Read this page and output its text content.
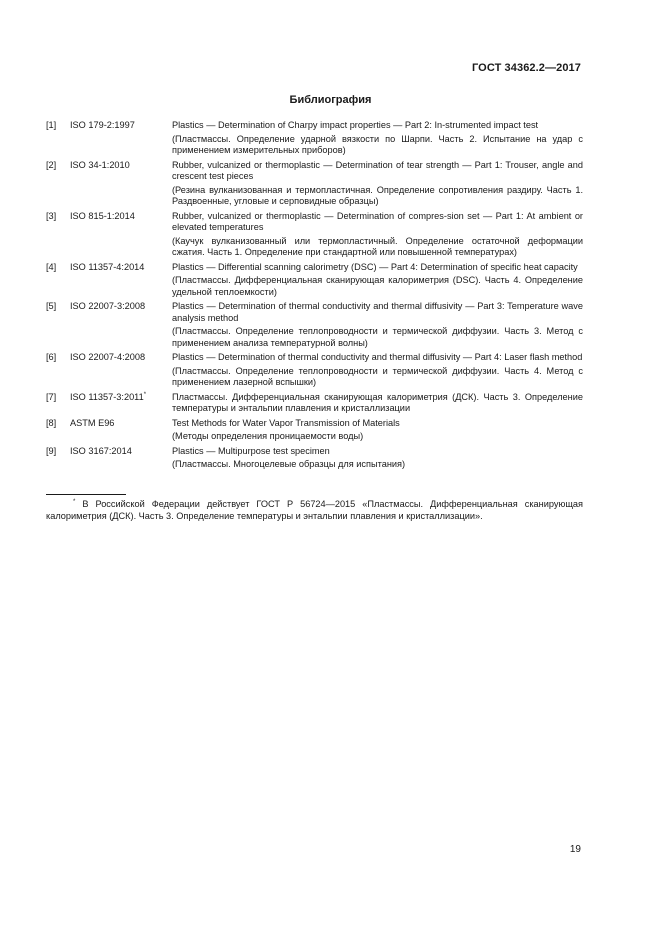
ГОСТ 34362.2—2017
Библиография
[1]	ISO 179-2:1997	Plastics — Determination of Charpy impact properties — Part 2: In-strumented impact test
(Пластмассы. Определение ударной вязкости по Шарпи. Часть 2. Испытание на удар с применением измерительных приборов)
[2]	ISO 34-1:2010	Rubber, vulcanized or thermoplastic — Determination of tear strength — Part 1: Trouser, angle and crescent test pieces
(Резина вулканизованная и термопластичная. Определение сопротивления раздиру. Часть 1. Раздвоенные, угловые и серповидные образцы)
[3]	ISO 815-1:2014	Rubber, vulcanized or thermoplastic — Determination of compres-sion set — Part 1: At ambient or elevated temperatures
(Каучук вулканизованный или термопластичный. Определение остаточной деформации сжатия. Часть 1. Определение при стандартной или повышенной температурах)
[4]	ISO 11357-4:2014	Plastics — Differential scanning calorimetry (DSC) — Part 4: Determination of specific heat capacity
(Пластмассы. Дифференциальная сканирующая калориметрия (DSC). Часть 4. Определение удельной теплоемкости)
[5]	ISO 22007-3:2008	Plastics — Determination of thermal conductivity and thermal diffusivity — Part 3: Temperature wave analysis method
(Пластмассы. Определение теплопроводности и термической диффузии. Часть 3. Метод с применением анализа температурной волны)
[6]	ISO 22007-4:2008	Plastics — Determination of thermal conductivity and thermal diffusivity — Part 4: Laser flash method
(Пластмассы. Определение теплопроводности и термической диффузии. Часть 4. Метод с применением лазерной вспышки)
[7]	ISO 11357-3:2011*	Пластмассы. Дифференциальная сканирующая калориметрия (ДСК). Часть 3. Определение температуры и энтальпии плавления и кристаллизации
[8]	ASTM E96	Test Methods for Water Vapor Transmission of Materials
(Методы определения проницаемости воды)
[9]	ISO 3167:2014	Plastics — Multipurpose test specimen
(Пластмассы. Многоцелевые образцы для испытания)
* В Российской Федерации действует ГОСТ Р 56724—2015 «Пластмассы. Дифференциальная сканирующая калориметрия (ДСК). Часть 3. Определение температуры и энтальпии плавления и кристаллизации».
19
